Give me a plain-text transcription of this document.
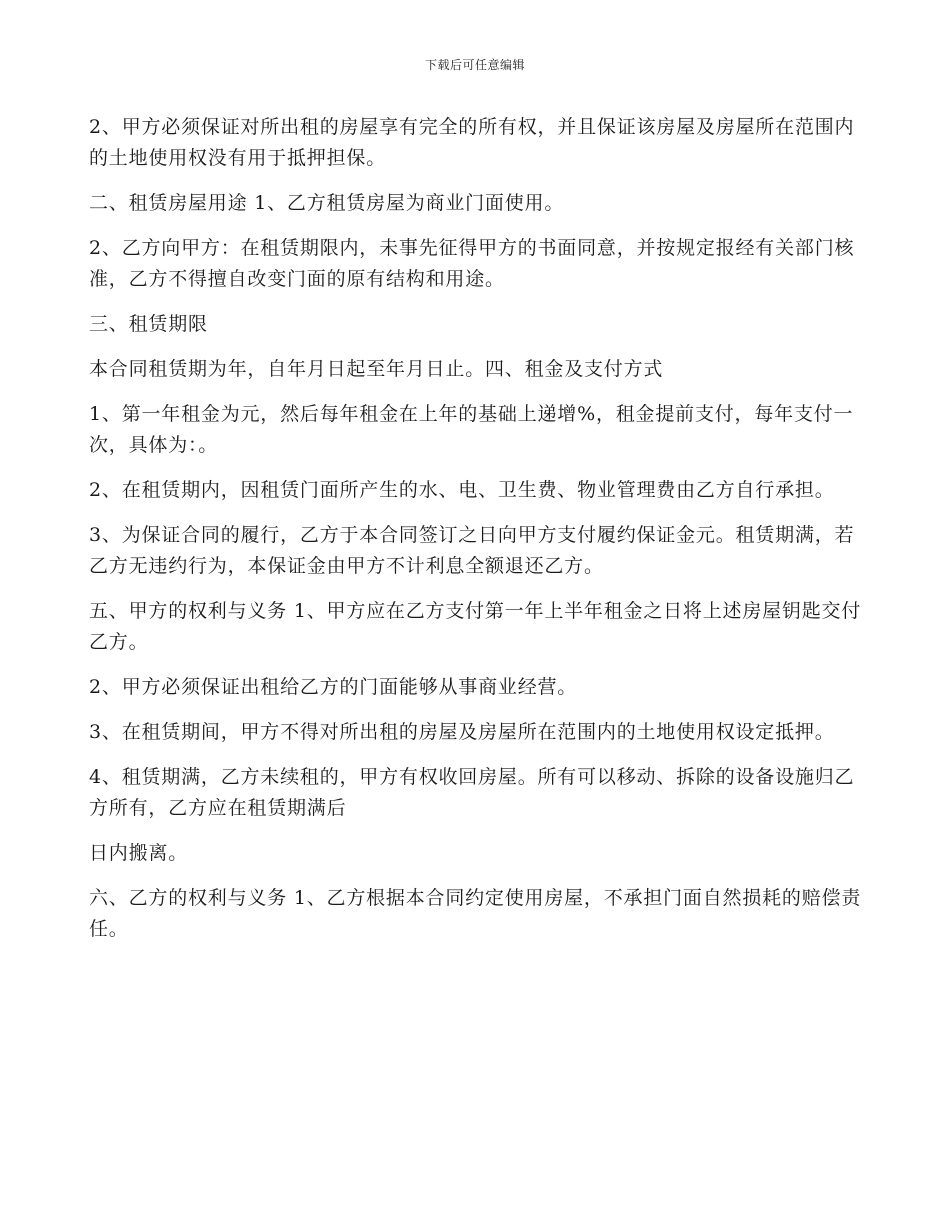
下载后可任意编辑

2、甲方必须保证对所出租的房屋享有完全的所有权，并且保证该房屋及房屋所在范围内的土地使用权没有用于抵押担保。

二、租赁房屋用途 1、乙方租赁房屋为商业门面使用。

2、乙方向甲方：在租赁期限内，未事先征得甲方的书面同意，并按规定报经有关部门核准，乙方不得擅自改变门面的原有结构和用途。

三、租赁期限

本合同租赁期为年，自年月日起至年月日止。四、租金及支付方式

1、第一年租金为元，然后每年租金在上年的基础上递增%，租金提前支付，每年支付一次，具体为：。

2、在租赁期内，因租赁门面所产生的水、电、卫生费、物业管理费由乙方自行承担。

3、为保证合同的履行，乙方于本合同签订之日向甲方支付履约保证金元。租赁期满，若乙方无违约行为，本保证金由甲方不计利息全额退还乙方。

五、甲方的权利与义务 1、甲方应在乙方支付第一年上半年租金之日将上述房屋钥匙交付乙方。

2、甲方必须保证出租给乙方的门面能够从事商业经营。

3、在租赁期间，甲方不得对所出租的房屋及房屋所在范围内的土地使用权设定抵押。

4、租赁期满，乙方未续租的，甲方有权收回房屋。所有可以移动、拆除的设备设施归乙方所有，乙方应在租赁期满后

日内搬离。

六、乙方的权利与义务 1、乙方根据本合同约定使用房屋，不承担门面自然损耗的赔偿责任。
